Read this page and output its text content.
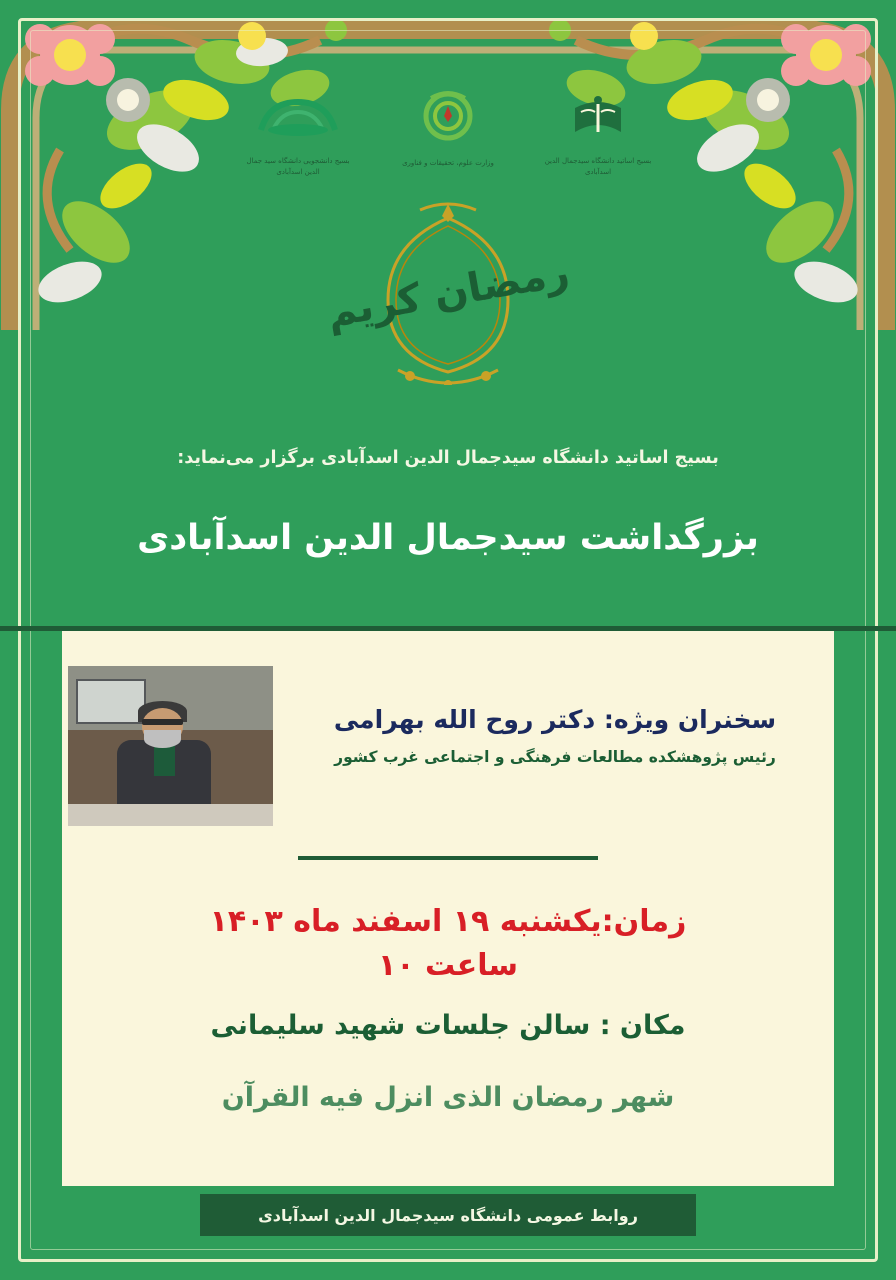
بسیج اساتید دانشگاه سیدجمال الدین اسدآبادی
وزارت علوم، تحقیقات و فناوری
بسیج دانشجویی دانشگاه سید جمال الدین اسدآبادی
رمضان کریم
بسیج اساتید دانشگاه سیدجمال الدین اسدآبادی برگزار می‌نماید:
بزرگداشت سیدجمال الدین اسدآبادی
سخنران ویژه: دکتر روح الله بهرامی
رئیس پژوهشکده مطالعات فرهنگی و اجتماعی غرب کشور
زمان:یکشنبه ۱۹ اسفند ماه ۱۴۰۳
ساعت ۱۰
مکان : سالن جلسات شهید سلیمانی
شهر رمضان الذی انزل فیه القرآن
روابط عمومی دانشگاه سیدجمال الدین اسدآبادی
